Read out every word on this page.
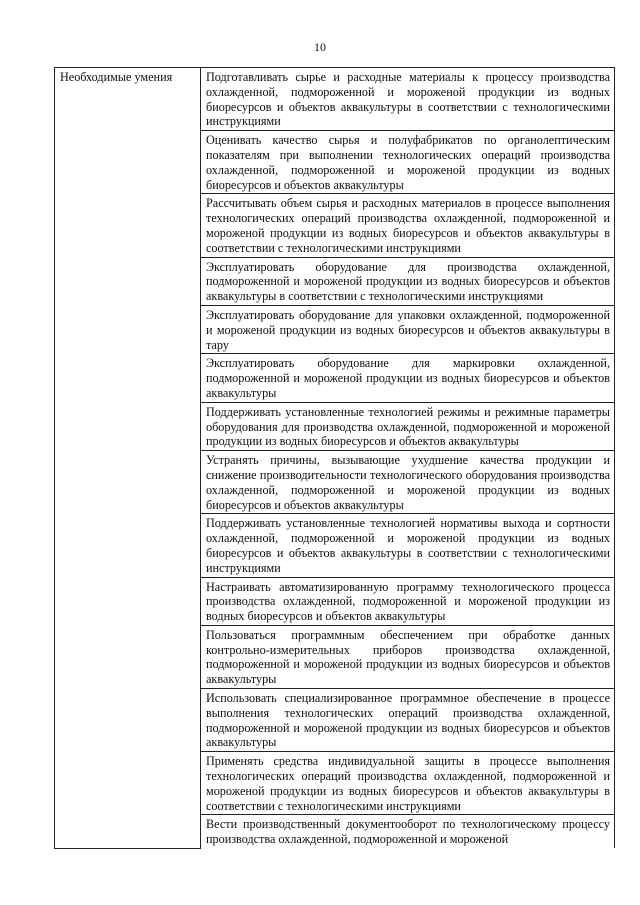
10
Необходимые умения	Подготавливать сырье и расходные материалы к процессу производства охлажденной, подмороженной и мороженой продукции из водных биоресурсов и объектов аквакультуры в соответствии с технологическими инструкциями
Оценивать качество сырья и полуфабрикатов по органолептическим показателям при выполнении технологических операций производства охлажденной, подмороженной и мороженой продукции из водных биоресурсов и объектов аквакультуры
Рассчитывать объем сырья и расходных материалов в процессе выполнения технологических операций производства охлажденной, подмороженной и мороженой продукции из водных биоресурсов и объектов аквакультуры в соответствии с технологическими инструкциями
Эксплуатировать оборудование для производства охлажденной, подмороженной и мороженой продукции из водных биоресурсов и объектов аквакультуры в соответствии с технологическими инструкциями
Эксплуатировать оборудование для упаковки охлажденной, подмороженной и мороженой продукции из водных биоресурсов и объектов аквакультуры в тару
Эксплуатировать оборудование для маркировки охлажденной, подмороженной и мороженой продукции из водных биоресурсов и объектов аквакультуры
Поддерживать установленные технологией режимы и режимные параметры оборудования для производства охлажденной, подмороженной и мороженой продукции из водных биоресурсов и объектов аквакультуры
Устранять причины, вызывающие ухудшение качества продукции и снижение производительности технологического оборудования производства охлажденной, подмороженной и мороженой продукции из водных биоресурсов и объектов аквакультуры
Поддерживать установленные технологией нормативы выхода и сортности охлажденной, подмороженной и мороженой продукции из водных биоресурсов и объектов аквакультуры в соответствии с технологическими инструкциями
Настраивать автоматизированную программу технологического процесса производства охлажденной, подмороженной и мороженой продукции из водных биоресурсов и объектов аквакультуры
Пользоваться программным обеспечением при обработке данных контрольно-измерительных приборов производства охлажденной, подмороженной и мороженой продукции из водных биоресурсов и объектов аквакультуры
Использовать специализированное программное обеспечение в процессе выполнения технологических операций производства охлажденной, подмороженной и мороженой продукции из водных биоресурсов и объектов аквакультуры
Применять средства индивидуальной защиты в процессе выполнения технологических операций производства охлажденной, подмороженной и мороженой продукции из водных биоресурсов и объектов аквакультуры в соответствии с технологическими инструкциями
Вести производственный документооборот по технологическому процессу производства охлажденной, подмороженной и мороженой
